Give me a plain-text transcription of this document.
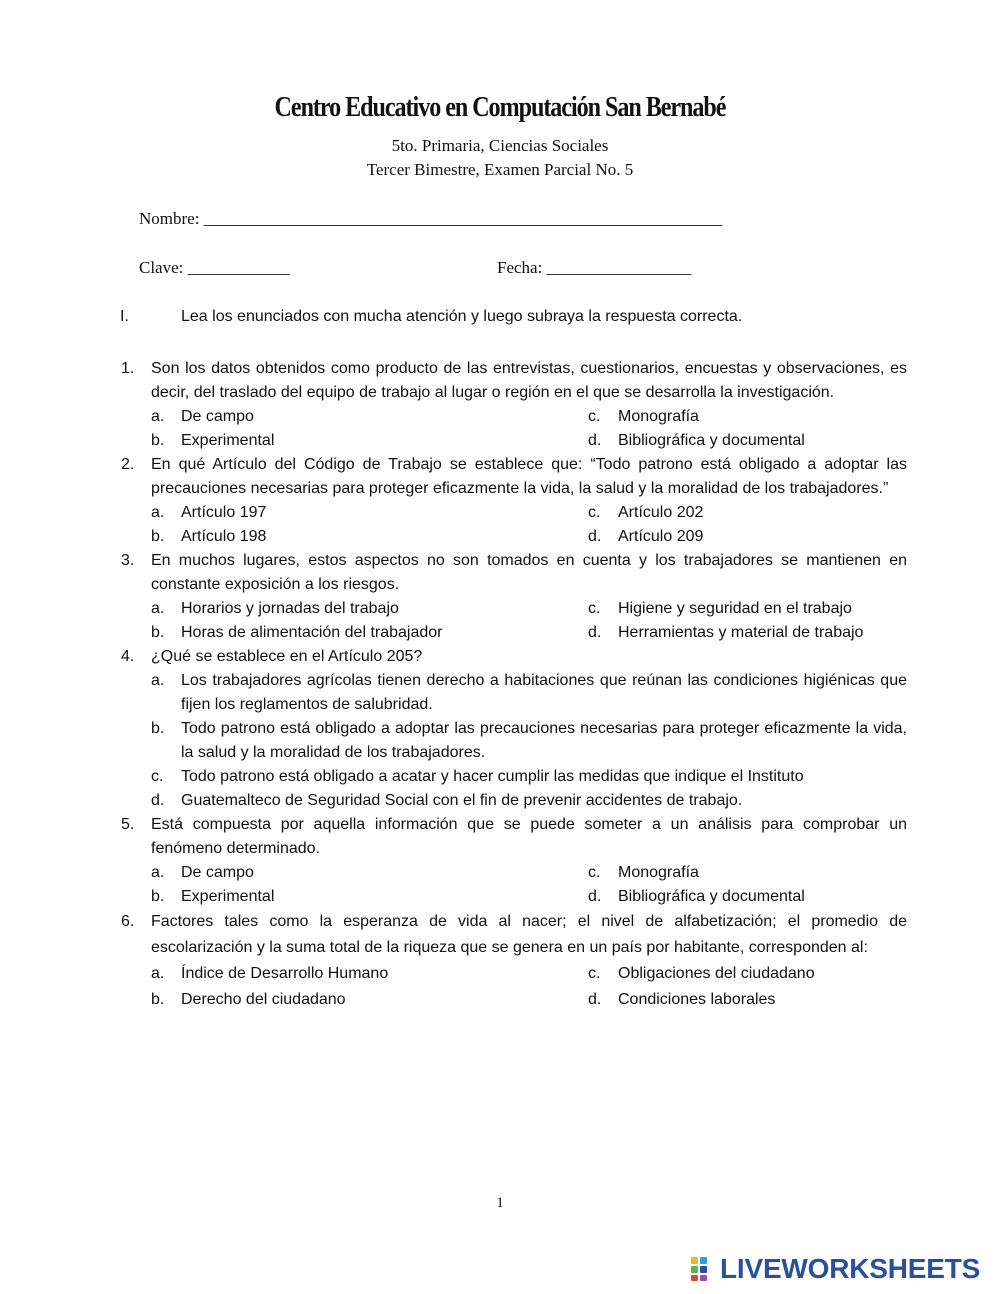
Centro Educativo en Computación San Bernabé
5to. Primaria, Ciencias Sociales
Tercer Bimestre, Examen Parcial No. 5
Nombre: _____________________________________________________________
Clave: ____________	Fecha: _________________
I.	Lea los enunciados con mucha atención y luego subraya la respuesta correcta.
1. Son los datos obtenidos como producto de las entrevistas, cuestionarios, encuestas y observaciones, es decir, del traslado del equipo de trabajo al lugar o región en el que se desarrolla la investigación.
a. De campo	c. Monografía
b. Experimental	d. Bibliográfica y documental
2. En qué Artículo del Código de Trabajo se establece que: “Todo patrono está obligado a adoptar las precauciones necesarias para proteger eficazmente la vida, la salud y la moralidad de los trabajadores.”
a. Artículo 197	c. Artículo 202
b. Artículo 198	d. Artículo 209
3. En muchos lugares, estos aspectos no son tomados en cuenta y los trabajadores se mantienen en constante exposición a los riesgos.
a. Horarios y jornadas del trabajo	c. Higiene y seguridad en el trabajo
b. Horas de alimentación del trabajador	d. Herramientas y material de trabajo
4. ¿Qué se establece en el Artículo 205?
a. Los trabajadores agrícolas tienen derecho a habitaciones que reúnan las condiciones higiénicas que fijen los reglamentos de salubridad.
b. Todo patrono está obligado a adoptar las precauciones necesarias para proteger eficazmente la vida, la salud y la moralidad de los trabajadores.
c. Todo patrono está obligado a acatar y hacer cumplir las medidas que indique el Instituto
d. Guatemalteco de Seguridad Social con el fin de prevenir accidentes de trabajo.
5. Está compuesta por aquella información que se puede someter a un análisis para comprobar un fenómeno determinado.
a. De campo	c. Monografía
b. Experimental	d. Bibliográfica y documental
6. Factores tales como la esperanza de vida al nacer; el nivel de alfabetización; el promedio de escolarización y la suma total de la riqueza que se genera en un país por habitante, corresponden al:
a. Índice de Desarrollo Humano	c. Obligaciones del ciudadano
b. Derecho del ciudadano	d. Condiciones laborales
1
LIVEWORKSHEETS
